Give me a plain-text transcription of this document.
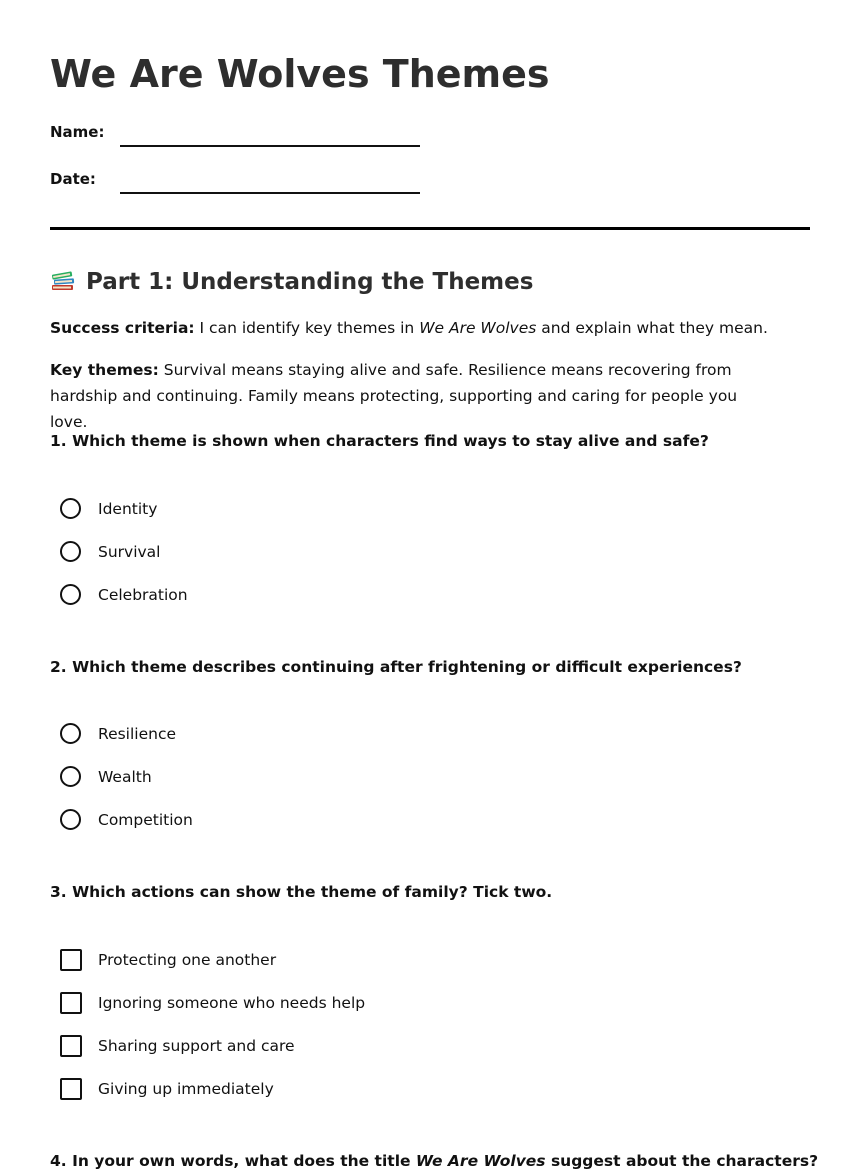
We Are Wolves Themes
Name:
Date:
Part 1: Understanding the Themes
Success criteria: I can identify key themes in We Are Wolves and explain what they mean.
Key themes: Survival means staying alive and safe. Resilience means recovering from hardship and continuing. Family means protecting, supporting and caring for people you love.
1. Which theme is shown when characters find ways to stay alive and safe?
Identity
Survival
Celebration
2. Which theme describes continuing after frightening or difficult experiences?
Resilience
Wealth
Competition
3. Which actions can show the theme of family? Tick two.
Protecting one another
Ignoring someone who needs help
Sharing support and care
Giving up immediately
4. In your own words, what does the title We Are Wolves suggest about the characters?
